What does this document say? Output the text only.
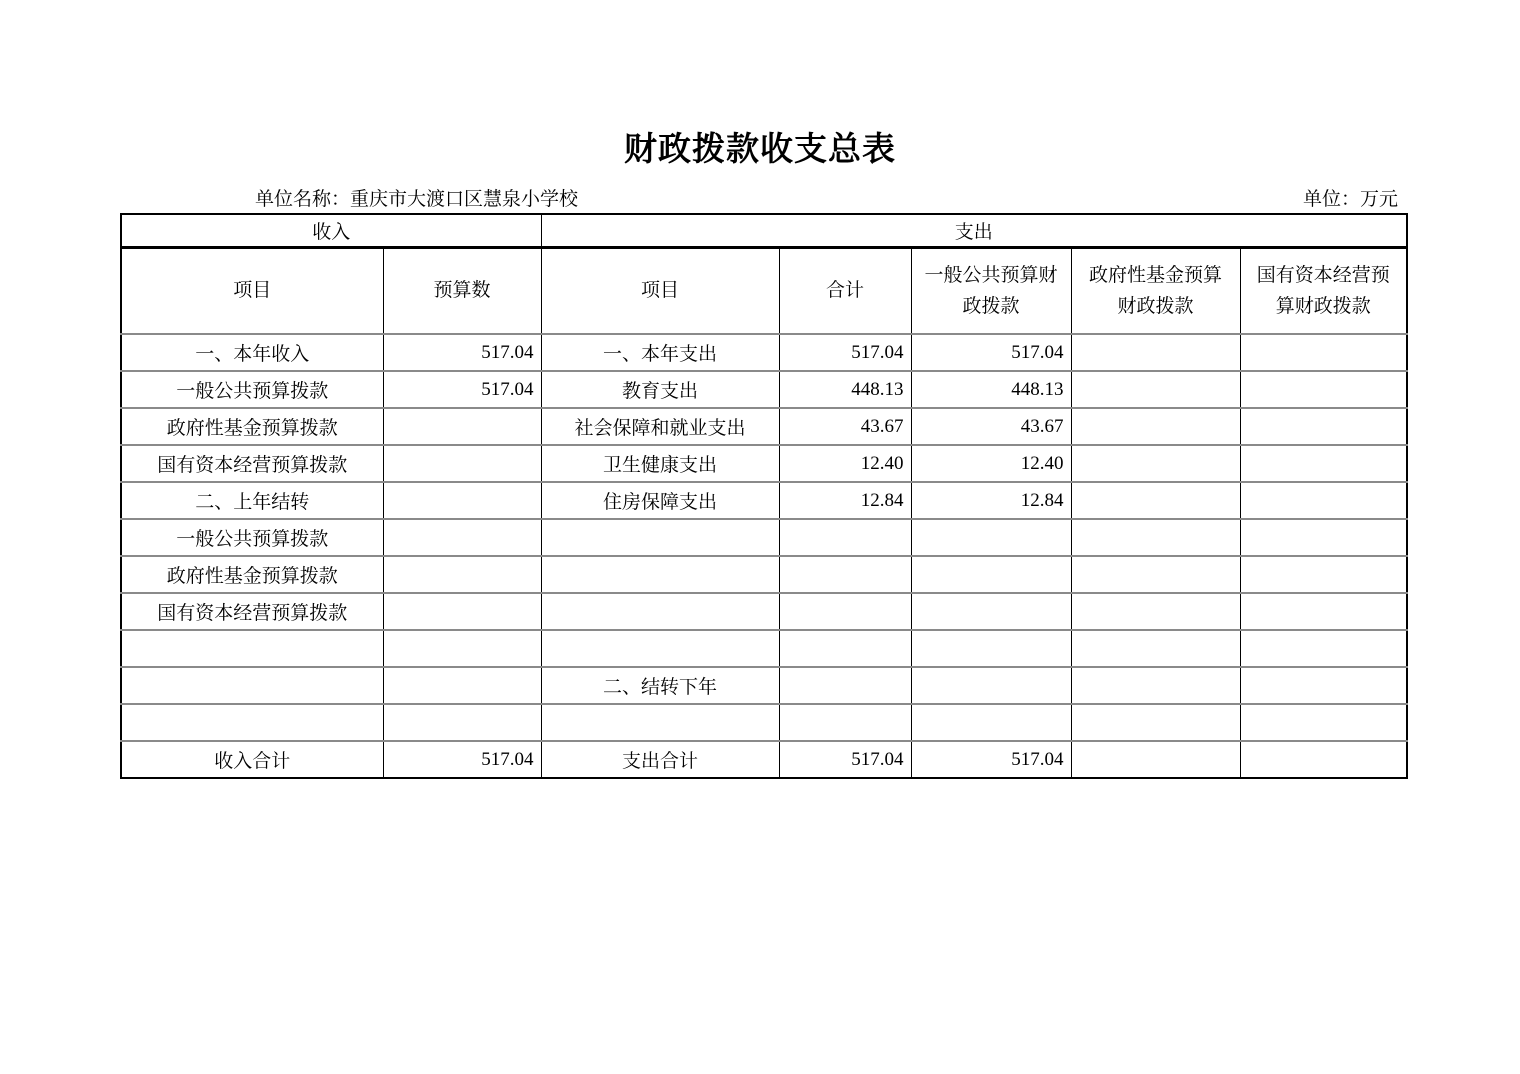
财政拨款收支总表
单位名称：重庆市大渡口区慧泉小学校	单位：万元
收入		支出				
项目	预算数	项目	合计	一般公共预算财政拨款	政府性基金预算财政拨款	国有资本经营预算财政拨款
一、本年收入	517.04	一、本年支出	517.04	517.04		
一般公共预算拨款	517.04	教育支出	448.13	448.13		
政府性基金预算拨款		社会保障和就业支出	43.67	43.67		
国有资本经营预算拨款		卫生健康支出	12.40	12.40		
二、上年结转		住房保障支出	12.84	12.84		
一般公共预算拨款						
政府性基金预算拨款						
国有资本经营预算拨款						

		二、结转下年				

收入合计	517.04	支出合计	517.04	517.04		
